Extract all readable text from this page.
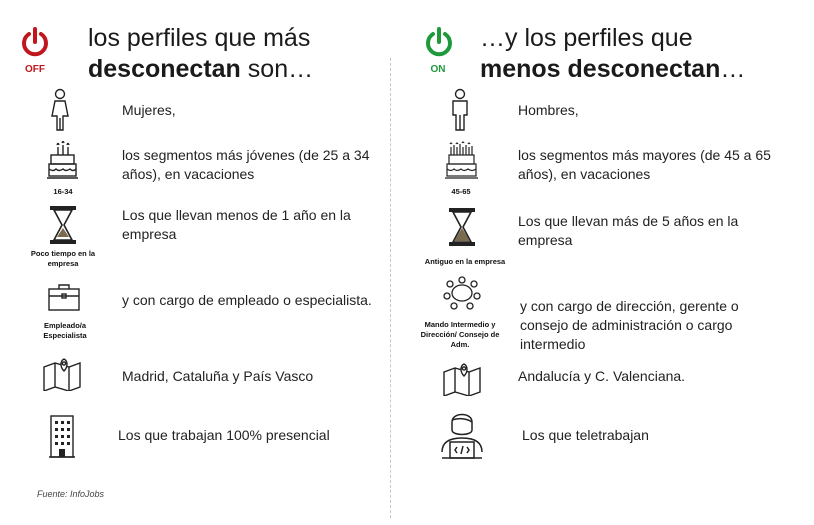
OFF
los perfiles que más
desconectan son…
Mujeres,
16-34
los segmentos más jóvenes (de 25 a 34 años), en vacaciones
Poco tiempo en la empresa
Los que llevan menos de 1 año en la empresa
Empleado/a Especialista
y con cargo de empleado o especialista.
Madrid, Cataluña y País Vasco
Los que trabajan 100% presencial
Fuente: InfoJobs
ON
…y los perfiles que
menos desconectan…
Hombres,
45-65
los segmentos más mayores (de 45 a 65 años), en vacaciones
Antiguo en la empresa
Los que llevan más de 5 años en la empresa
Mando Intermedio y Dirección/ Consejo de Adm.
y con cargo de dirección, gerente o consejo de administración o cargo intermedio
Andalucía y C. Valenciana.
Los que teletrabajan
